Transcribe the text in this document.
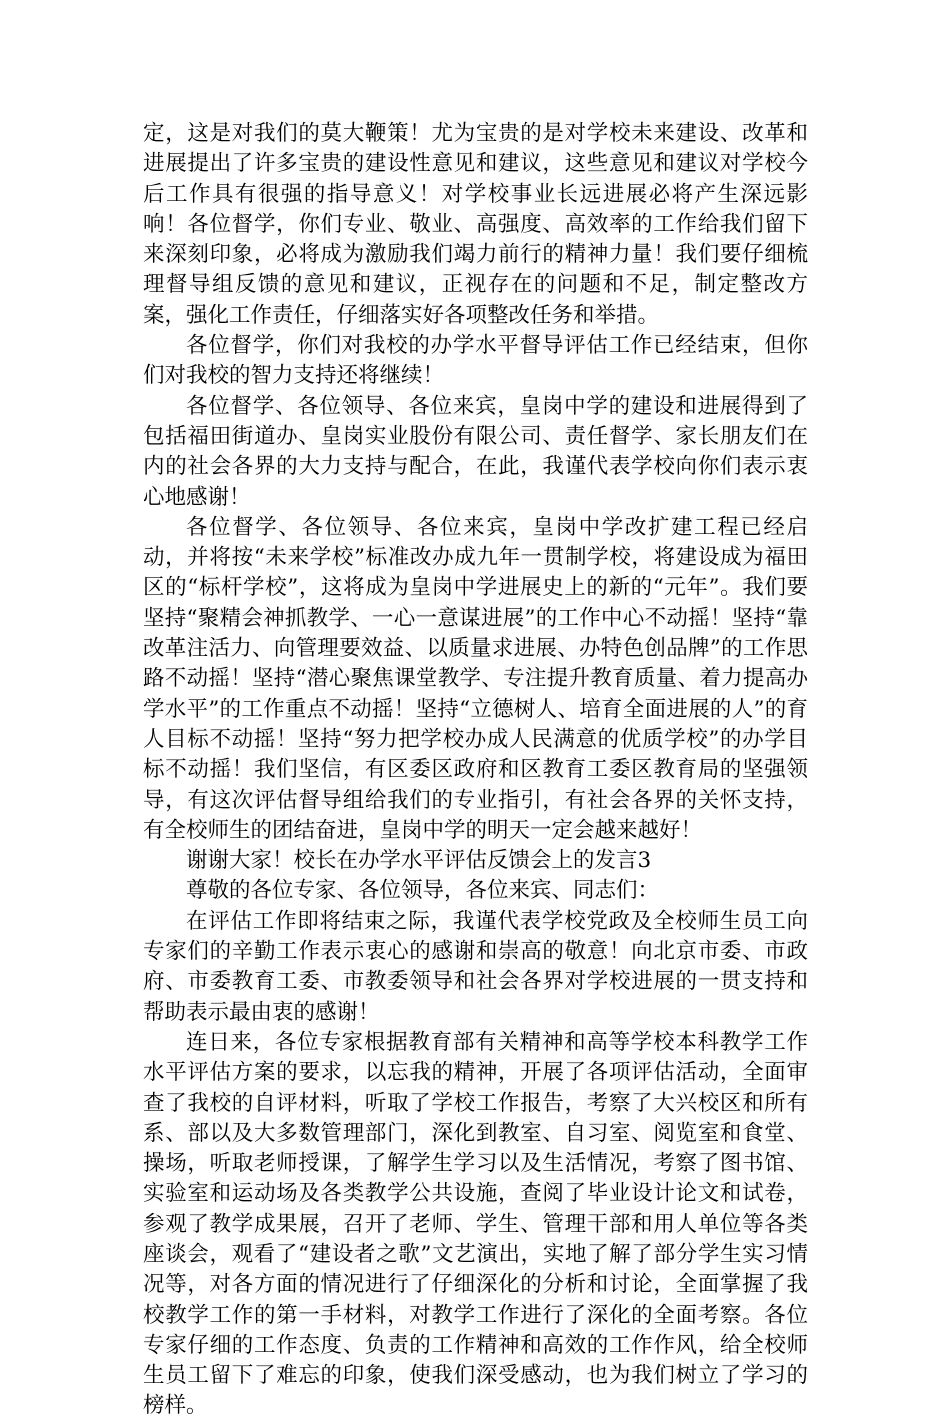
定，这是对我们的莫大鞭策！尤为宝贵的是对学校未来建设、改革和进展提出了许多宝贵的建设性意见和建议，这些意见和建议对学校今后工作具有很强的指导意义！对学校事业长远进展必将产生深远影响！各位督学，你们专业、敬业、高强度、高效率的工作给我们留下来深刻印象，必将成为激励我们竭力前行的精神力量！我们要仔细梳理督导组反馈的意见和建议，正视存在的问题和不足，制定整改方案，强化工作责任，仔细落实好各项整改任务和举措。

各位督学，你们对我校的办学水平督导评估工作已经结束，但你们对我校的智力支持还将继续！

各位督学、各位领导、各位来宾，皇岗中学的建设和进展得到了包括福田街道办、皇岗实业股份有限公司、责任督学、家长朋友们在内的社会各界的大力支持与配合，在此，我谨代表学校向你们表示衷心地感谢！

各位督学、各位领导、各位来宾，皇岗中学改扩建工程已经启动，并将按“未来学校”标准改办成九年一贯制学校，将建设成为福田区的“标杆学校”，这将成为皇岗中学进展史上的新的“元年”。我们要坚持“聚精会神抓教学、一心一意谋进展”的工作中心不动摇！坚持“靠改革注活力、向管理要效益、以质量求进展、办特色创品牌”的工作思路不动摇！坚持“潜心聚焦课堂教学、专注提升教育质量、着力提高办学水平”的工作重点不动摇！坚持“立德树人、培育全面进展的人”的育人目标不动摇！坚持“努力把学校办成人民满意的优质学校”的办学目标不动摇！我们坚信，有区委区政府和区教育工委区教育局的坚强领导，有这次评估督导组给我们的专业指引，有社会各界的关怀支持，有全校师生的团结奋进，皇岗中学的明天一定会越来越好！

谢谢大家！校长在办学水平评估反馈会上的发言3

尊敬的各位专家、各位领导，各位来宾、同志们：

在评估工作即将结束之际，我谨代表学校党政及全校师生员工向专家们的辛勤工作表示衷心的感谢和崇高的敬意！向北京市委、市政府、市委教育工委、市教委领导和社会各界对学校进展的一贯支持和帮助表示最由衷的感谢！

连日来，各位专家根据教育部有关精神和高等学校本科教学工作水平评估方案的要求，以忘我的精神，开展了各项评估活动，全面审查了我校的自评材料，听取了学校工作报告，考察了大兴校区和所有系、部以及大多数管理部门，深化到教室、自习室、阅览室和食堂、操场，听取老师授课，了解学生学习以及生活情况，考察了图书馆、实验室和运动场及各类教学公共设施，查阅了毕业设计论文和试卷，参观了教学成果展，召开了老师、学生、管理干部和用人单位等各类座谈会，观看了“建设者之歌”文艺演出，实地了解了部分学生实习情况等，对各方面的情况进行了仔细深化的分析和讨论，全面掌握了我校教学工作的第一手材料，对教学工作进行了深化的全面考察。各位专家仔细的工作态度、负责的工作精神和高效的工作作风，给全校师生员工留下了难忘的印象，使我们深受感动，也为我们树立了学习的榜样。
